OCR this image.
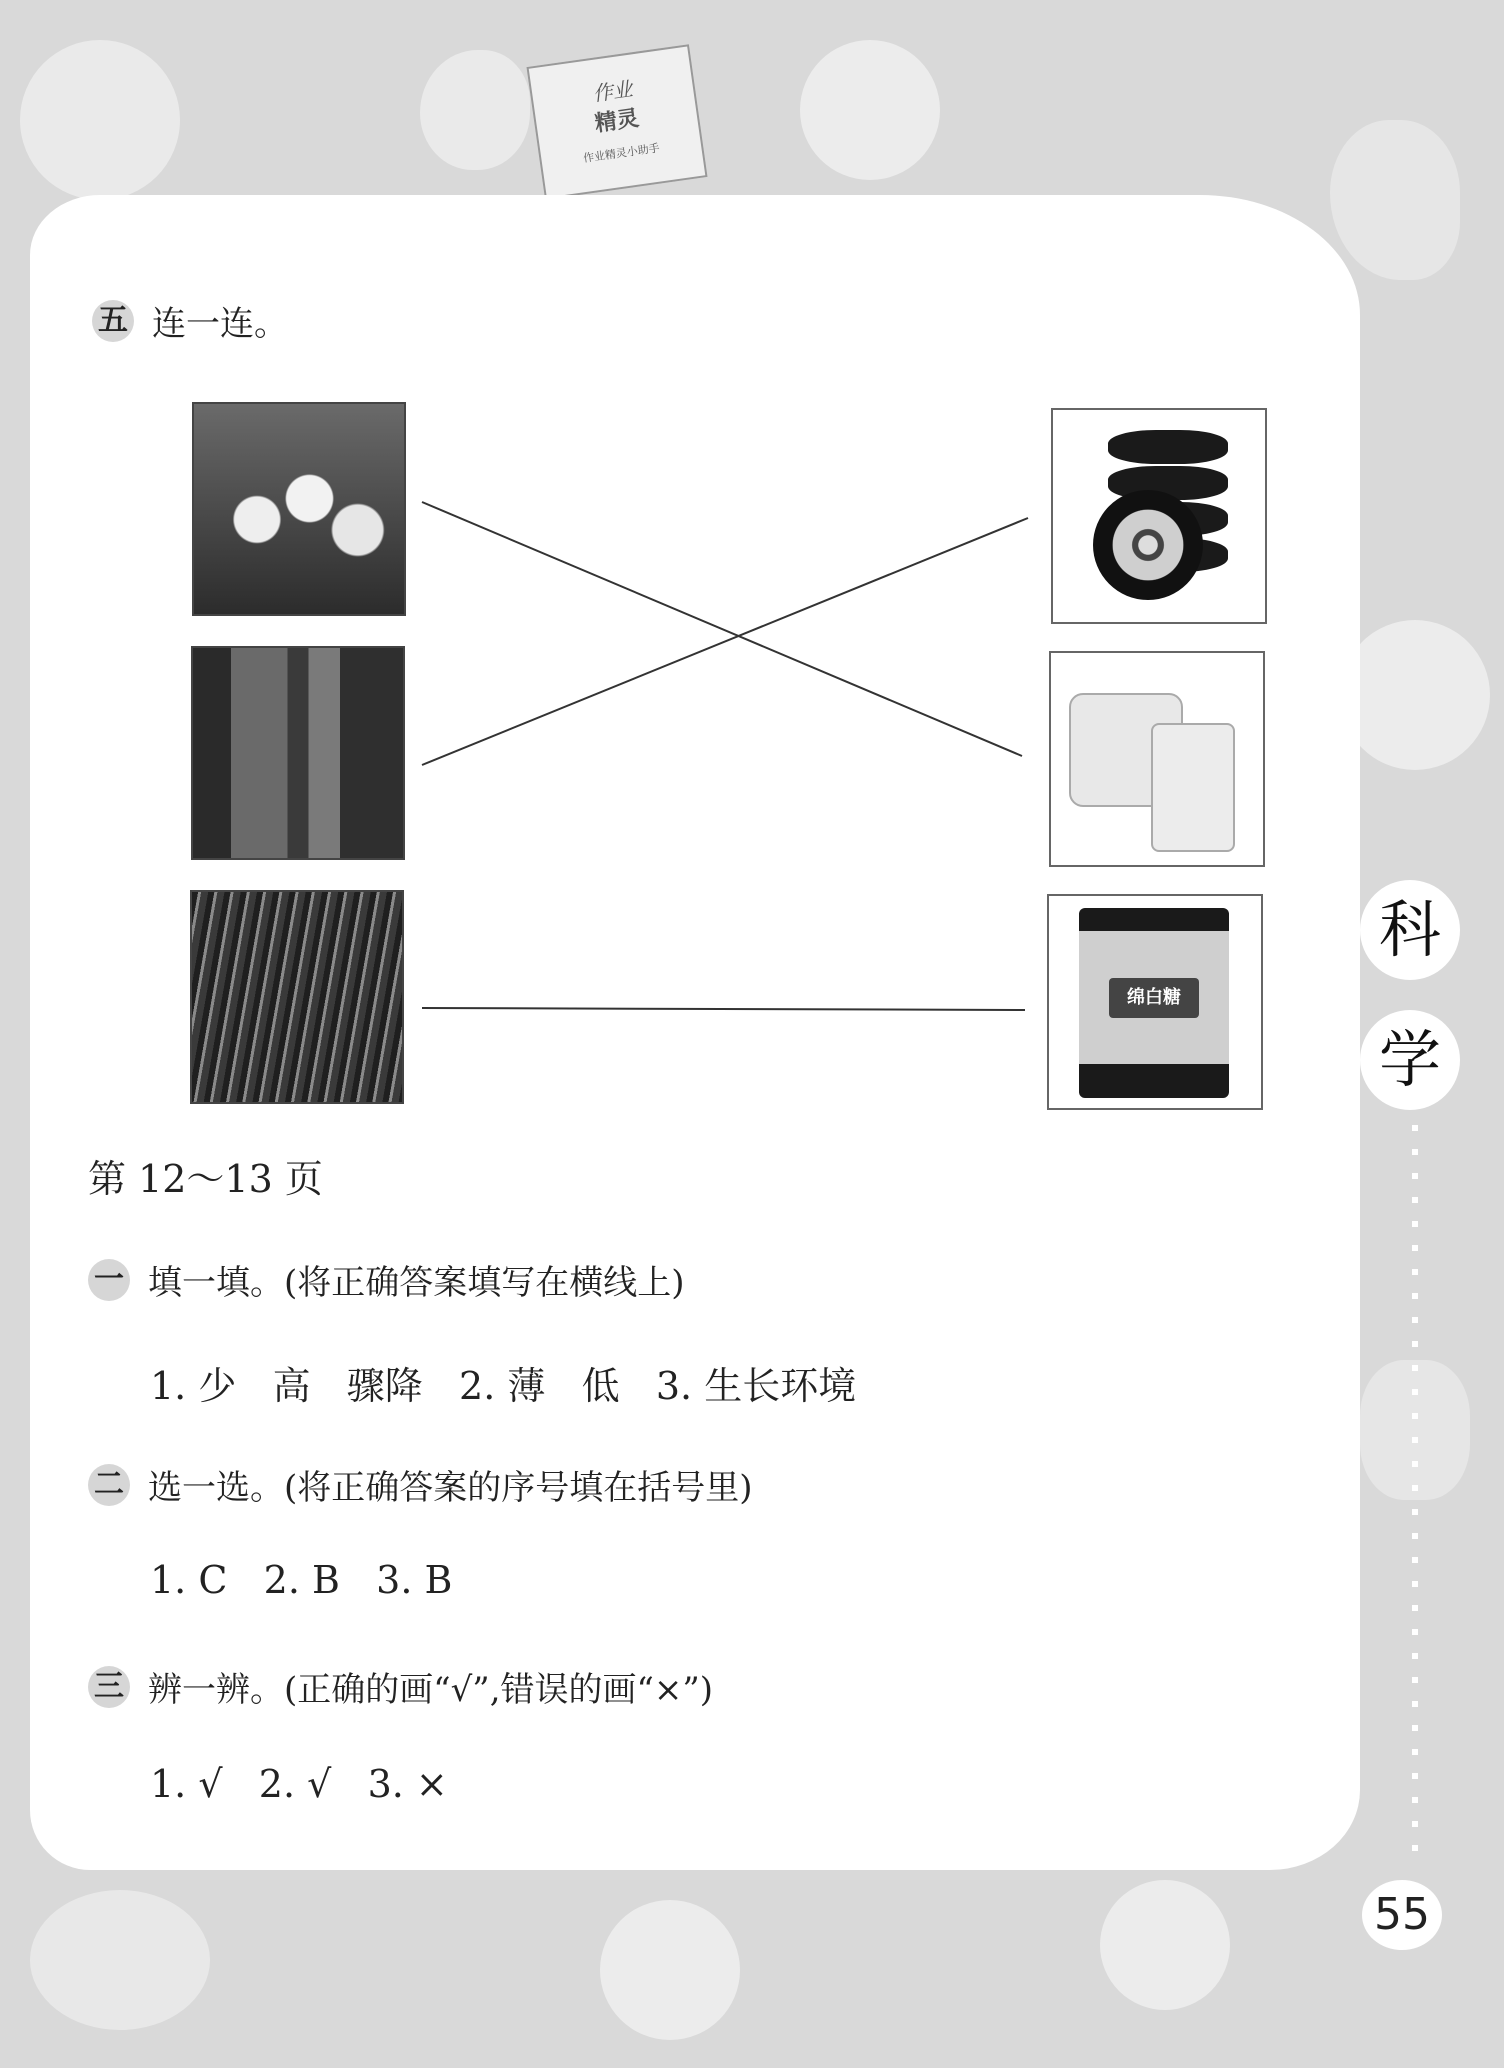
作业
精灵
作业精灵小助手
五 连一连。
绵白糖
第 12～13 页
一 填一填。(将正确答案填写在横线上)
1. 少   高   骤降   2. 薄   低   3. 生长环境
二 选一选。(将正确答案的序号填在括号里)
1. C   2. B   3. B
三 辨一辨。(正确的画“√”,错误的画“×”)
1. √   2. √   3. ×
科
学
55
